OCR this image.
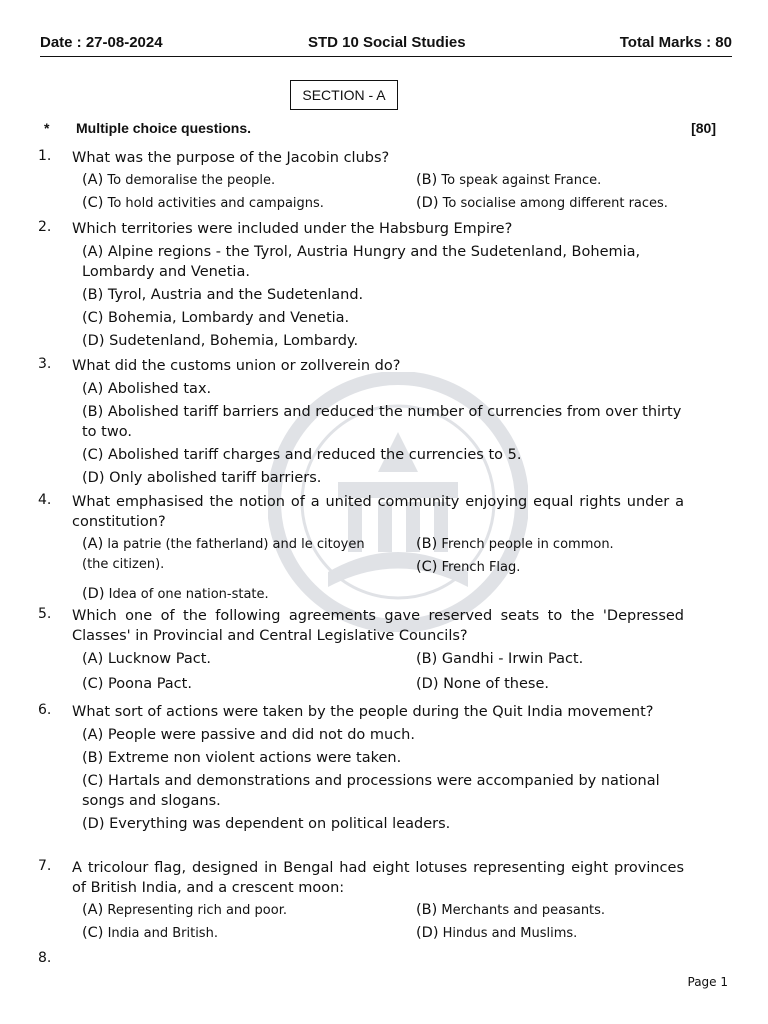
Date : 27-08-2024	STD 10 Social Studies	Total Marks : 80
SECTION - A
* Multiple choice questions.	[80]
1. What was the purpose of the Jacobin clubs?
(A) To demoralise the people.	(B) To speak against France.
(C) To hold activities and campaigns.	(D) To socialise among different races.
2. Which territories were included under the Habsburg Empire?
(A) Alpine regions - the Tyrol, Austria Hungry and the Sudetenland, Bohemia, Lombardy and Venetia.
(B) Tyrol, Austria and the Sudetenland.
(C) Bohemia, Lombardy and Venetia.
(D) Sudetenland, Bohemia, Lombardy.
3. What did the customs union or zollverein do?
(A) Abolished tax.
(B) Abolished tariff barriers and reduced the number of currencies from over thirty to two.
(C) Abolished tariff charges and reduced the currencies to 5.
(D) Only abolished tariff barriers.
4. What emphasised the notion of a united community enjoying equal rights under a constitution?
(A) la patrie (the fatherland) and le citoyen (the citizen).
(B) French people in common.
(C) French Flag.
(D) Idea of one nation-state.
5. Which one of the following agreements gave reserved seats to the 'Depressed Classes' in Provincial and Central Legislative Councils?
(A) Lucknow Pact.	(B) Gandhi - Irwin Pact.
(C) Poona Pact.	(D) None of these.
6. What sort of actions were taken by the people during the Quit India movement?
(A) People were passive and did not do much.
(B) Extreme non violent actions were taken.
(C) Hartals and demonstrations and processions were accompanied by national songs and slogans.
(D) Everything was dependent on political leaders.
7. A tricolour flag, designed in Bengal had eight lotuses representing eight provinces of British India, and a crescent moon:
(A) Representing rich and poor.	(B) Merchants and peasants.
(C) India and British.	(D) Hindus and Muslims.
8.
Page 1
